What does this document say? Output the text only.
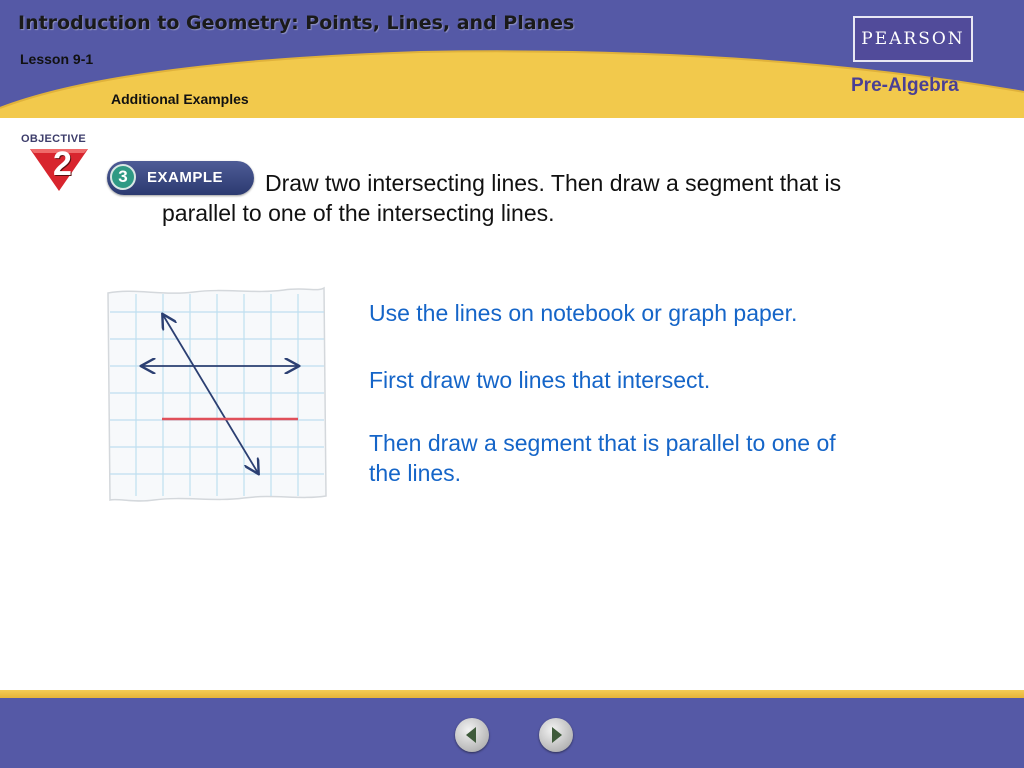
Introduction to Geometry: Points, Lines, and Planes
Lesson 9-1
Additional Examples
PEARSON
Pre-Algebra
OBJECTIVE
2	3	EXAMPLE Draw two intersecting lines. Then draw a segment that is
parallel to one of the intersecting lines.
Use the lines on notebook or graph paper.
First draw two lines that intersect.
Then draw a segment that is parallel to one of
the lines.
